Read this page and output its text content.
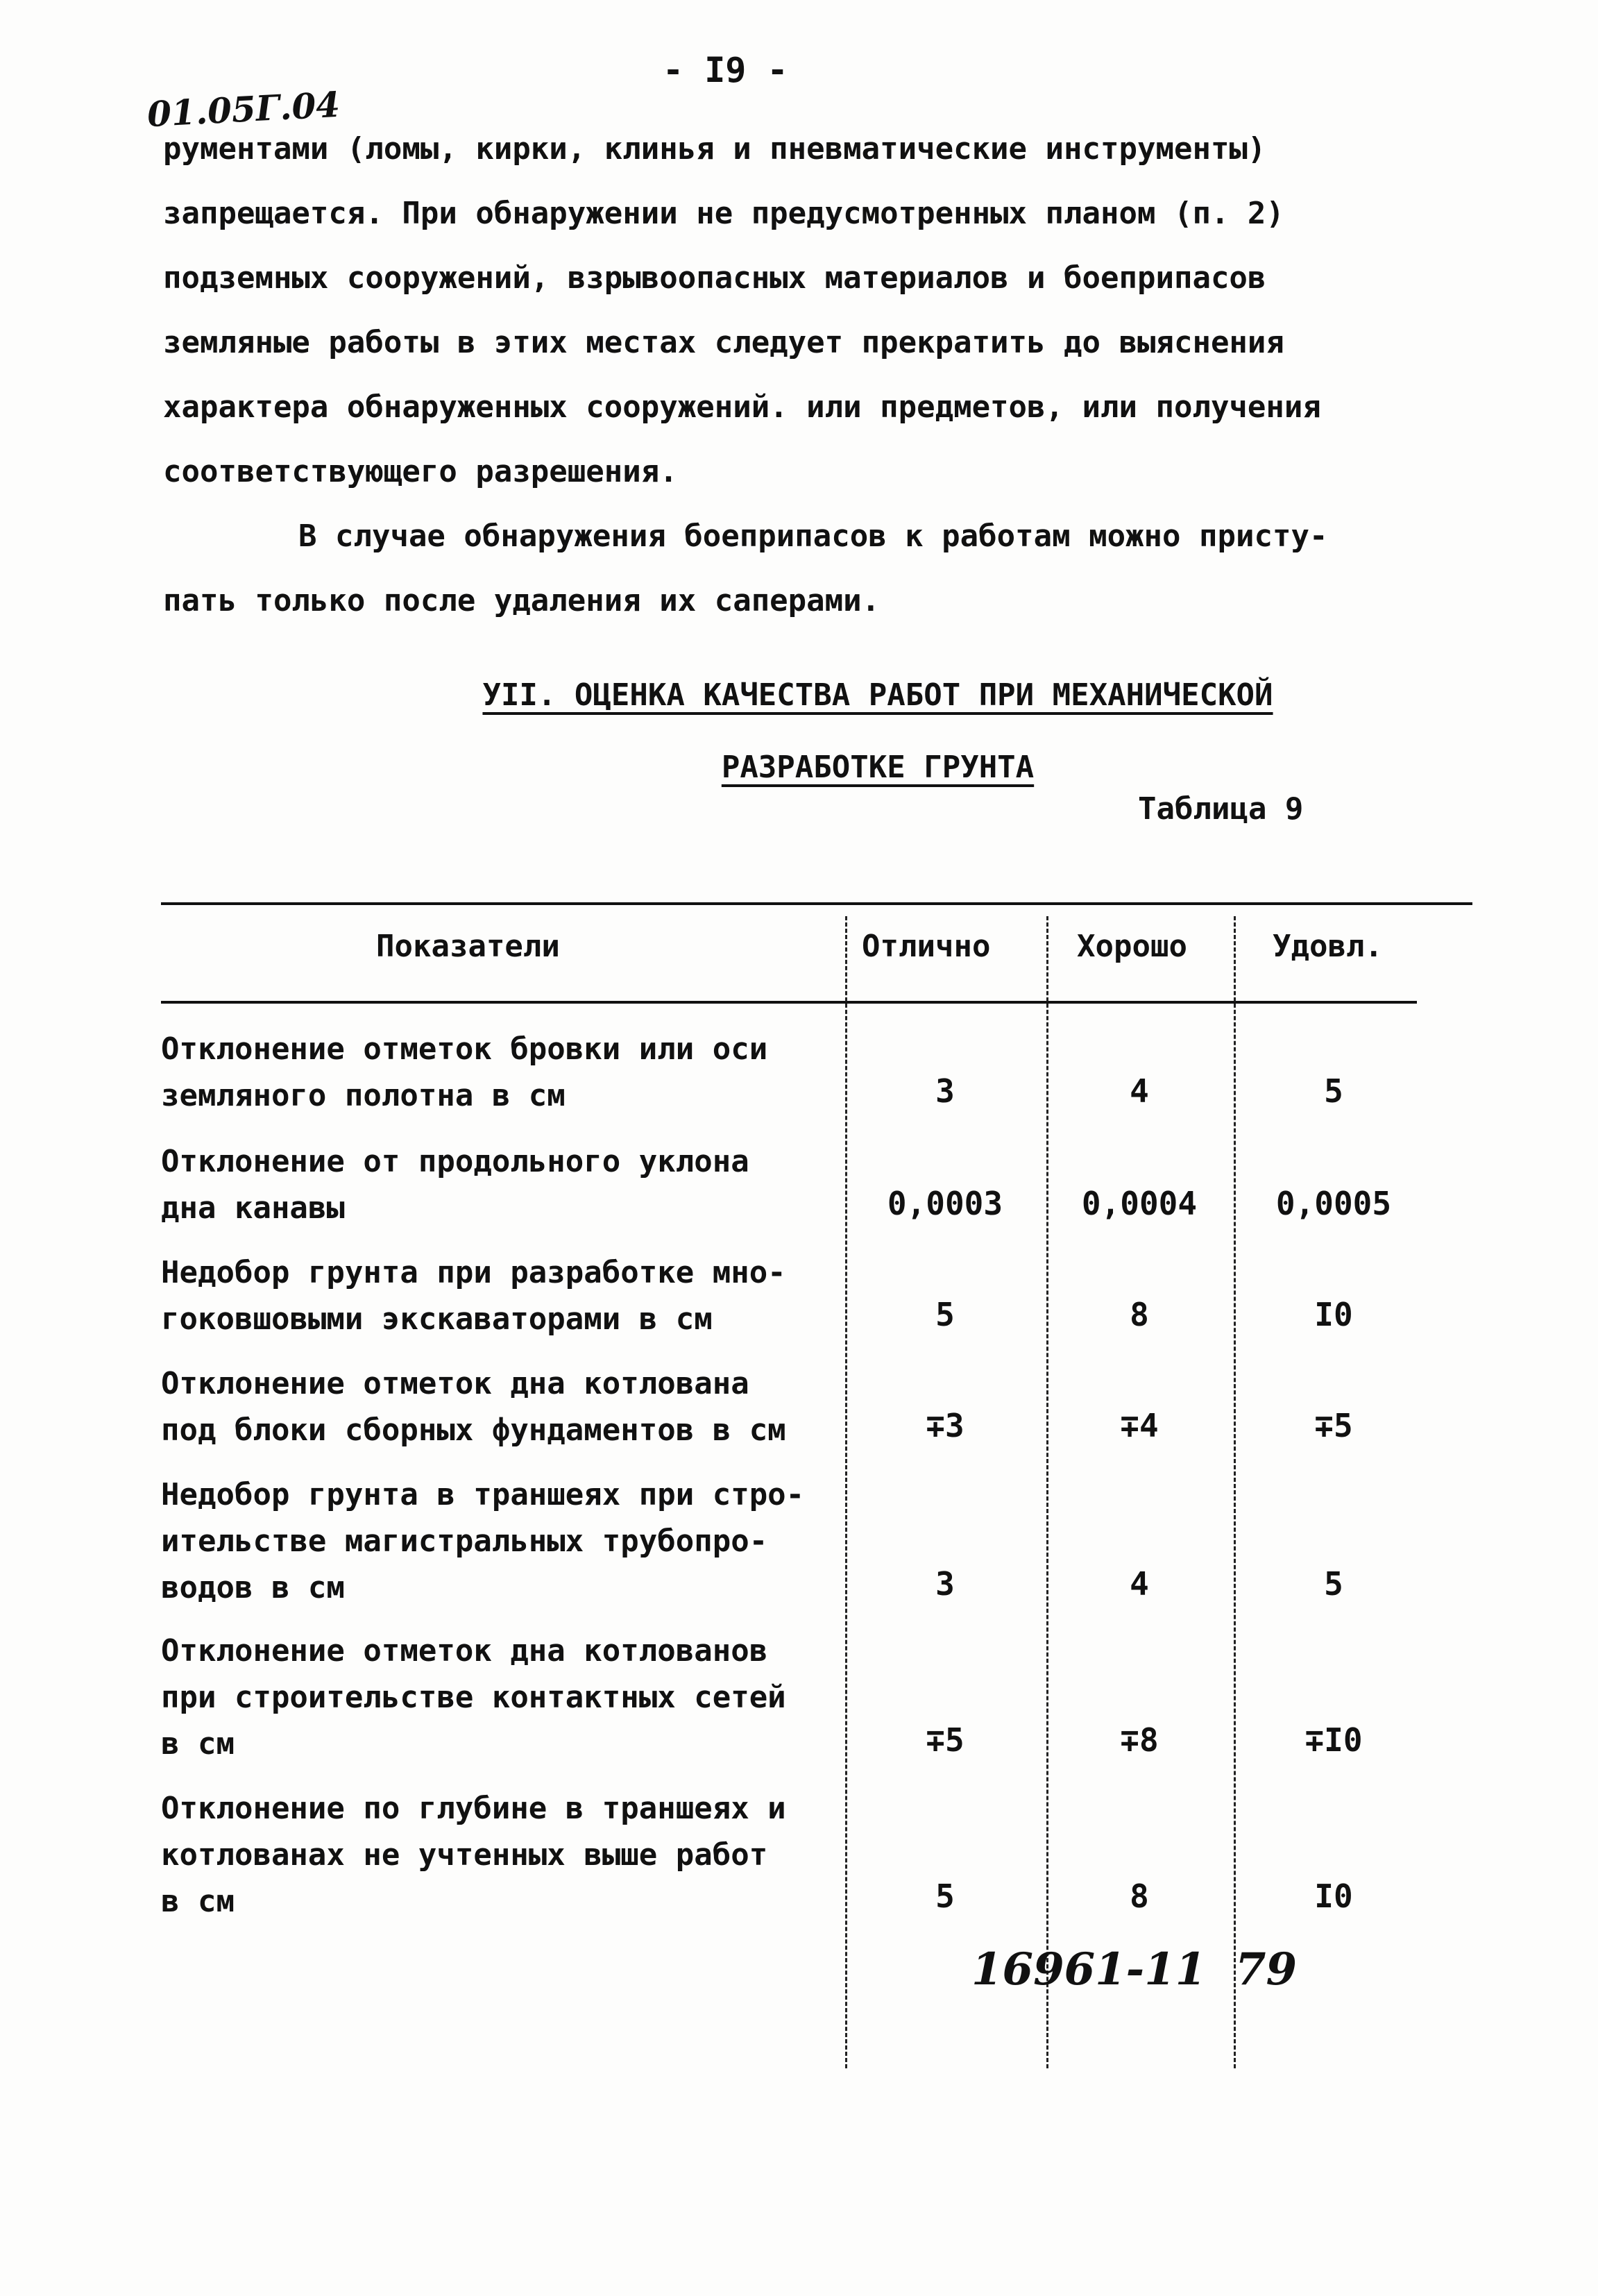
- I9 -
01.05Г.04

рументами (ломы, кирки, клинья и пневматические инструменты)

запрещается. При обнаружении не предусмотренных планом (п. 2)

подземных сооружений, взрывоопасных материалов и боеприпасов

земляные работы в этих местах следует прекратить до выяснения

характера обнаруженных сооружений. или предметов, или получения

соответствующего разрешения.

В случае обнаружения боеприпасов к работам можно присту-

пать только после удаления их саперами.

УII. ОЦЕНКА КАЧЕСТВА РАБОТ ПРИ МЕХАНИЧЕСКОЙ
РАЗРАБОТКЕ ГРУНТА
Таблица 9
Показатели	Отлично	Хорошо	Удовл.
Отклонение отметок бровки или оси
земляного полотна в см	3	4	5
Отклонение от продольного уклона
дна канавы	0,0003	0,0004	0,0005
Недобор грунта при разработке мно-
гоковшовыми экскаваторами в см	5	8	I0
Отклонение отметок дна котлована
под блоки сборных фундаментов в см	∓3	∓4	∓5
Недобор грунта в траншеях при стро-
ительстве магистральных трубопро-
водов в см	3	4	5
Отклонение отметок дна котлованов
при строительстве контактных сетей
в см	∓5	∓8	∓I0
Отклонение по глубине в траншеях и
котлованах не учтенных выше работ
в см	5	8	I0
16961-11 79
